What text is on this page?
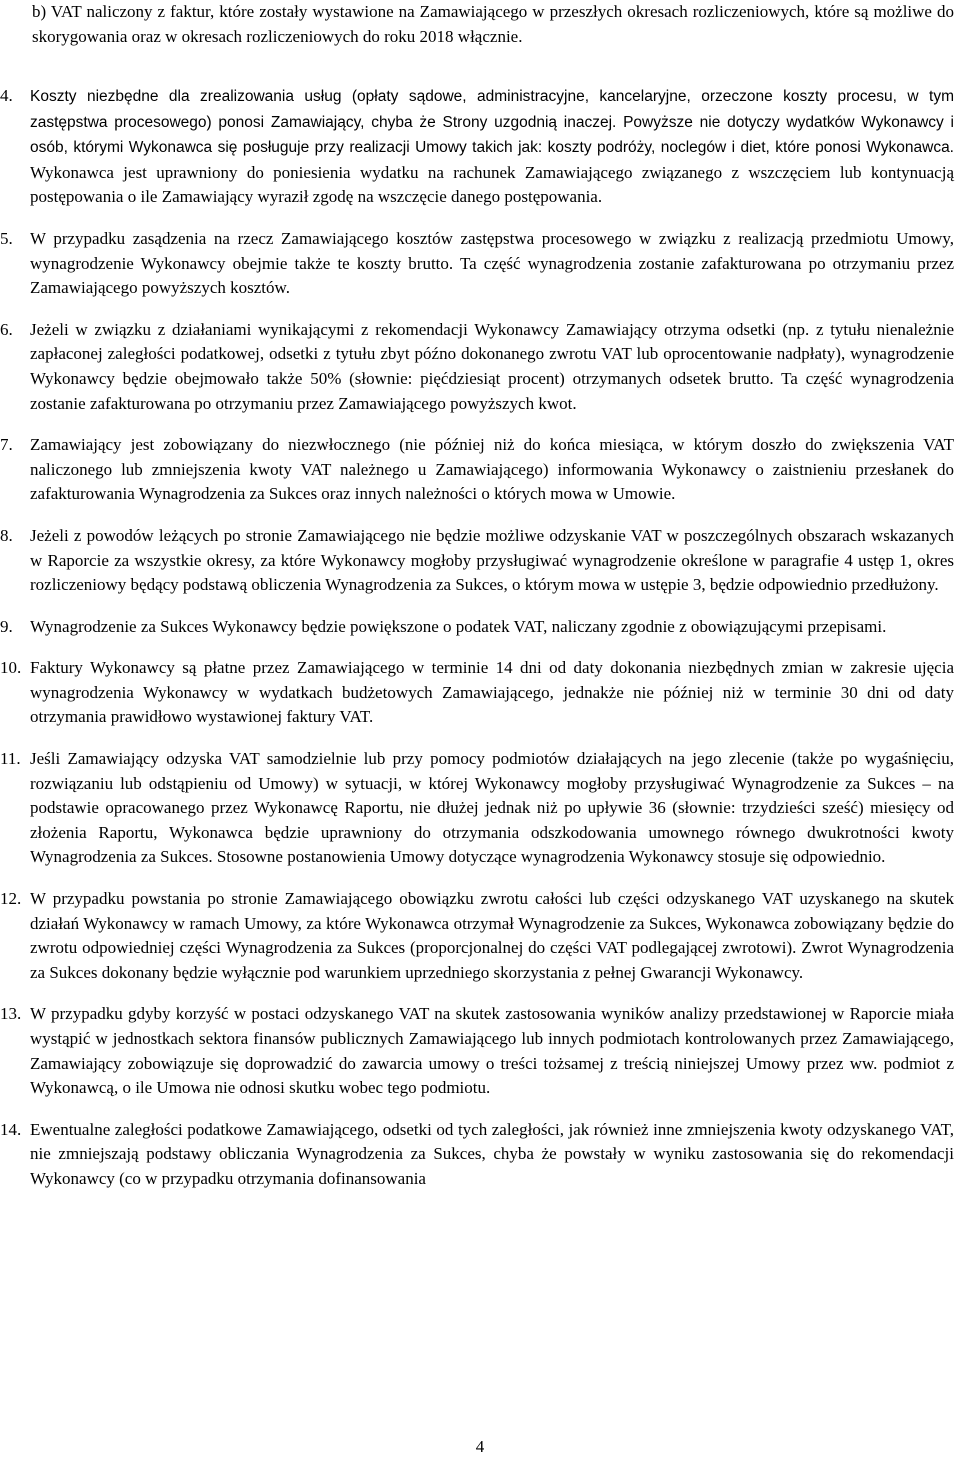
b) VAT naliczony z faktur, które zostały wystawione na Zamawiającego w przeszłych okresach rozliczeniowych, które są możliwe do skorygowania oraz w okresach rozliczeniowych do roku 2018 włącznie.
4. Koszty niezbędne dla zrealizowania usług (opłaty sądowe, administracyjne, kancelaryjne, orzeczone koszty procesu, w tym zastępstwa procesowego) ponosi Zamawiający, chyba że Strony uzgodnią inaczej. Powyższe nie dotyczy wydatków Wykonawcy i osób, którymi Wykonawca się posługuje przy realizacji Umowy takich jak: koszty podróży, noclegów i diet, które ponosi Wykonawca. Wykonawca jest uprawniony do poniesienia wydatku na rachunek Zamawiającego związanego z wszczęciem lub kontynuacją postępowania o ile Zamawiający wyraził zgodę na wszczęcie danego postępowania.
5. W przypadku zasądzenia na rzecz Zamawiającego kosztów zastępstwa procesowego w związku z realizacją przedmiotu Umowy, wynagrodzenie Wykonawcy obejmie także te koszty brutto. Ta część wynagrodzenia zostanie zafakturowana po otrzymaniu przez Zamawiającego powyższych kosztów.
6. Jeżeli w związku z działaniami wynikającymi z rekomendacji Wykonawcy Zamawiający otrzyma odsetki (np. z tytułu nienależnie zapłaconej zaległości podatkowej, odsetki z tytułu zbyt późno dokonanego zwrotu VAT lub oprocentowanie nadpłaty), wynagrodzenie Wykonawcy będzie obejmowało także 50% (słownie: pięćdziesiąt procent) otrzymanych odsetek brutto. Ta część wynagrodzenia zostanie zafakturowana po otrzymaniu przez Zamawiającego powyższych kwot.
7. Zamawiający jest zobowiązany do niezwłocznego (nie później niż do końca miesiąca, w którym doszło do zwiększenia VAT naliczonego lub zmniejszenia kwoty VAT należnego u Zamawiającego) informowania Wykonawcy o zaistnieniu przesłanek do zafakturowania Wynagrodzenia za Sukces oraz innych należności o których mowa w Umowie.
8. Jeżeli z powodów leżących po stronie Zamawiającego nie będzie możliwe odzyskanie VAT w poszczególnych obszarach wskazanych w Raporcie za wszystkie okresy, za które Wykonawcy mogłoby przysługiwać wynagrodzenie określone w paragrafie 4 ustęp 1, okres rozliczeniowy będący podstawą obliczenia Wynagrodzenia za Sukces, o którym mowa w ustępie 3, będzie odpowiednio przedłużony.
9. Wynagrodzenie za Sukces Wykonawcy będzie powiększone o podatek VAT, naliczany zgodnie z obowiązującymi przepisami.
10. Faktury Wykonawcy są płatne przez Zamawiającego w terminie 14 dni od daty dokonania niezbędnych zmian w zakresie ujęcia wynagrodzenia Wykonawcy w wydatkach budżetowych Zamawiającego, jednakże nie później niż w terminie 30 dni od daty otrzymania prawidłowo wystawionej faktury VAT.
11. Jeśli Zamawiający odzyska VAT samodzielnie lub przy pomocy podmiotów działających na jego zlecenie (także po wygaśnięciu, rozwiązaniu lub odstąpieniu od Umowy) w sytuacji, w której Wykonawcy mogłoby przysługiwać Wynagrodzenie za Sukces – na podstawie opracowanego przez Wykonawcę Raportu, nie dłużej jednak niż po upływie 36 (słownie: trzydzieści sześć) miesięcy od złożenia Raportu, Wykonawca będzie uprawniony do otrzymania odszkodowania umownego równego dwukrotności kwoty Wynagrodzenia za Sukces. Stosowne postanowienia Umowy dotyczące wynagrodzenia Wykonawcy stosuje się odpowiednio.
12. W przypadku powstania po stronie Zamawiającego obowiązku zwrotu całości lub części odzyskanego VAT uzyskanego na skutek działań Wykonawcy w ramach Umowy, za które Wykonawca otrzymał Wynagrodzenie za Sukces, Wykonawca zobowiązany będzie do zwrotu odpowiedniej części Wynagrodzenia za Sukces (proporcjonalnej do części VAT podlegającej zwrotowi). Zwrot Wynagrodzenia za Sukces dokonany będzie wyłącznie pod warunkiem uprzedniego skorzystania z pełnej Gwarancji Wykonawcy.
13. W przypadku gdyby korzyść w postaci odzyskanego VAT na skutek zastosowania wyników analizy przedstawionej w Raporcie miała wystąpić w jednostkach sektora finansów publicznych Zamawiającego lub innych podmiotach kontrolowanych przez Zamawiającego, Zamawiający zobowiązuje się doprowadzić do zawarcia umowy o treści tożsamej z treścią niniejszej Umowy przez ww. podmiot z Wykonawcą, o ile Umowa nie odnosi skutku wobec tego podmiotu.
14. Ewentualne zaległości podatkowe Zamawiającego, odsetki od tych zaległości, jak również inne zmniejszenia kwoty odzyskanego VAT, nie zmniejszają podstawy obliczania Wynagrodzenia za Sukces, chyba że powstały w wyniku zastosowania się do rekomendacji Wykonawcy (co w przypadku otrzymania dofinansowania
4
